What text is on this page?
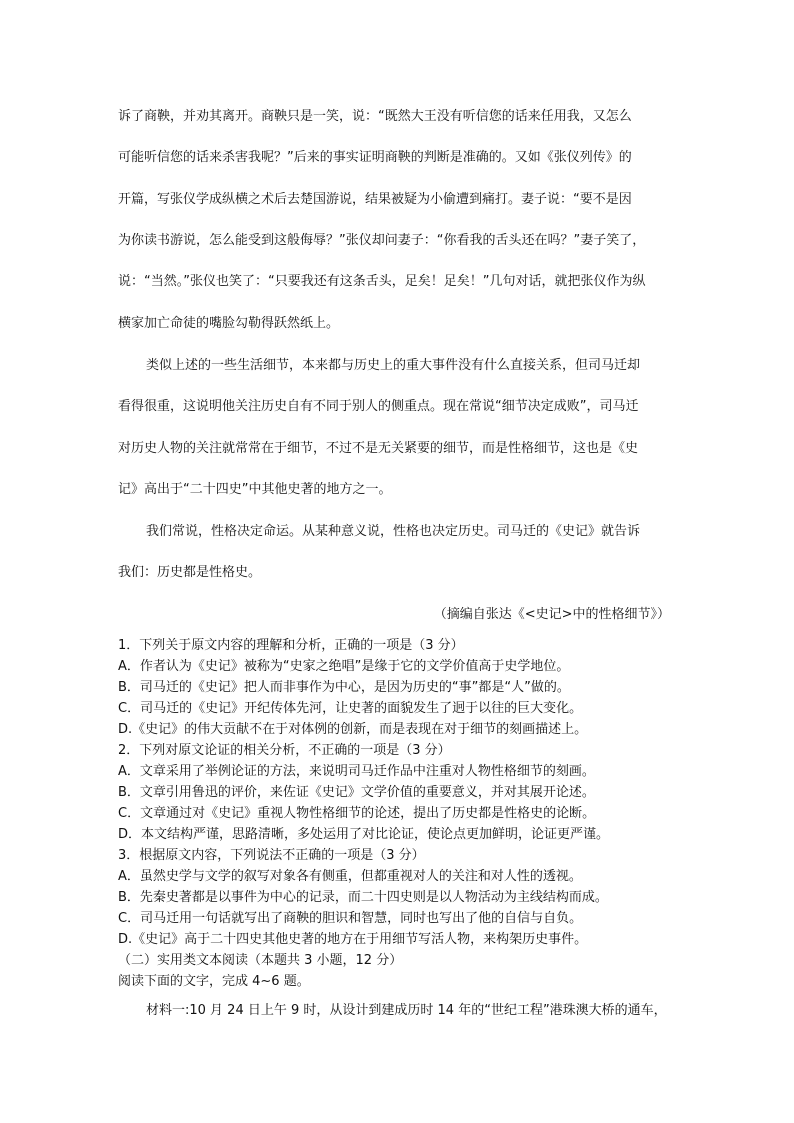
诉了商鞅，并劝其离开。商鞅只是一笑，说：“既然大王没有听信您的话来任用我，又怎么
可能听信您的话来杀害我呢？”后来的事实证明商鞅的判断是准确的。又如《张仪列传》的
开篇，写张仪学成纵横之术后去楚国游说，结果被疑为小偷遭到痛打。妻子说：“要不是因
为你读书游说，怎么能受到这般侮辱？”张仪却问妻子：“你看我的舌头还在吗？”妻子笑了，
说：“当然。”张仪也笑了：“只要我还有这条舌头，足矣！足矣！”几句对话，就把张仪作为纵
横家加亡命徒的嘴脸勾勒得跃然纸上。
类似上述的一些生活细节，本来都与历史上的重大事件没有什么直接关系，但司马迁却
看得很重，这说明他关注历史自有不同于别人的侧重点。现在常说“细节决定成败”，司马迁
对历史人物的关注就常常在于细节，不过不是无关紧要的细节，而是性格细节，这也是《史
记》高出于“二十四史”中其他史著的地方之一。
我们常说，性格决定命运。从某种意义说，性格也决定历史。司马迁的《史记》就告诉
我们：历史都是性格史。
（摘编自张达《<史记>中的性格细节》）
1．下列关于原文内容的理解和分析，正确的一项是（3 分）
A．作者认为《史记》被称为“史家之绝唱”是缘于它的文学价值高于史学地位。
B．司马迁的《史记》把人而非事作为中心，是因为历史的“事”都是“人”做的。
C．司马迁的《史记》开纪传体先河，让史著的面貌发生了迥于以往的巨大变化。
D.《史记》的伟大贡献不在于对体例的创新，而是表现在对于细节的刻画描述上。
2．下列对原文论证的相关分析，不正确的一项是（3 分）
A．文章采用了举例论证的方法，来说明司马迁作品中注重对人物性格细节的刻画。
B．文章引用鲁迅的评价，来佐证《史记》文学价值的重要意义，并对其展开论述。
C．文章通过对《史记》重视人物性格细节的论述，提出了历史都是性格史的论断。
D．本文结构严谨，思路清晰，多处运用了对比论证，使论点更加鲜明，论证更严谨。
3．根据原文内容，下列说法不正确的一项是（3 分）
A．虽然史学与文学的叙写对象各有侧重，但都重视对人的关注和对人性的透视。
B．先秦史著都是以事件为中心的记录，而二十四史则是以人物活动为主线结构而成。
C．司马迁用一句话就写出了商鞅的胆识和智慧，同时也写出了他的自信与自负。
D.《史记》高于二十四史其他史著的地方在于用细节写活人物，来构架历史事件。
（二）实用类文本阅读（本题共 3 小题，12 分）
阅读下面的文字，完成 4~6 题。
材料一:10 月 24 日上午 9 时，从设计到建成历时 14 年的“世纪工程”港珠澳大桥的通车，
